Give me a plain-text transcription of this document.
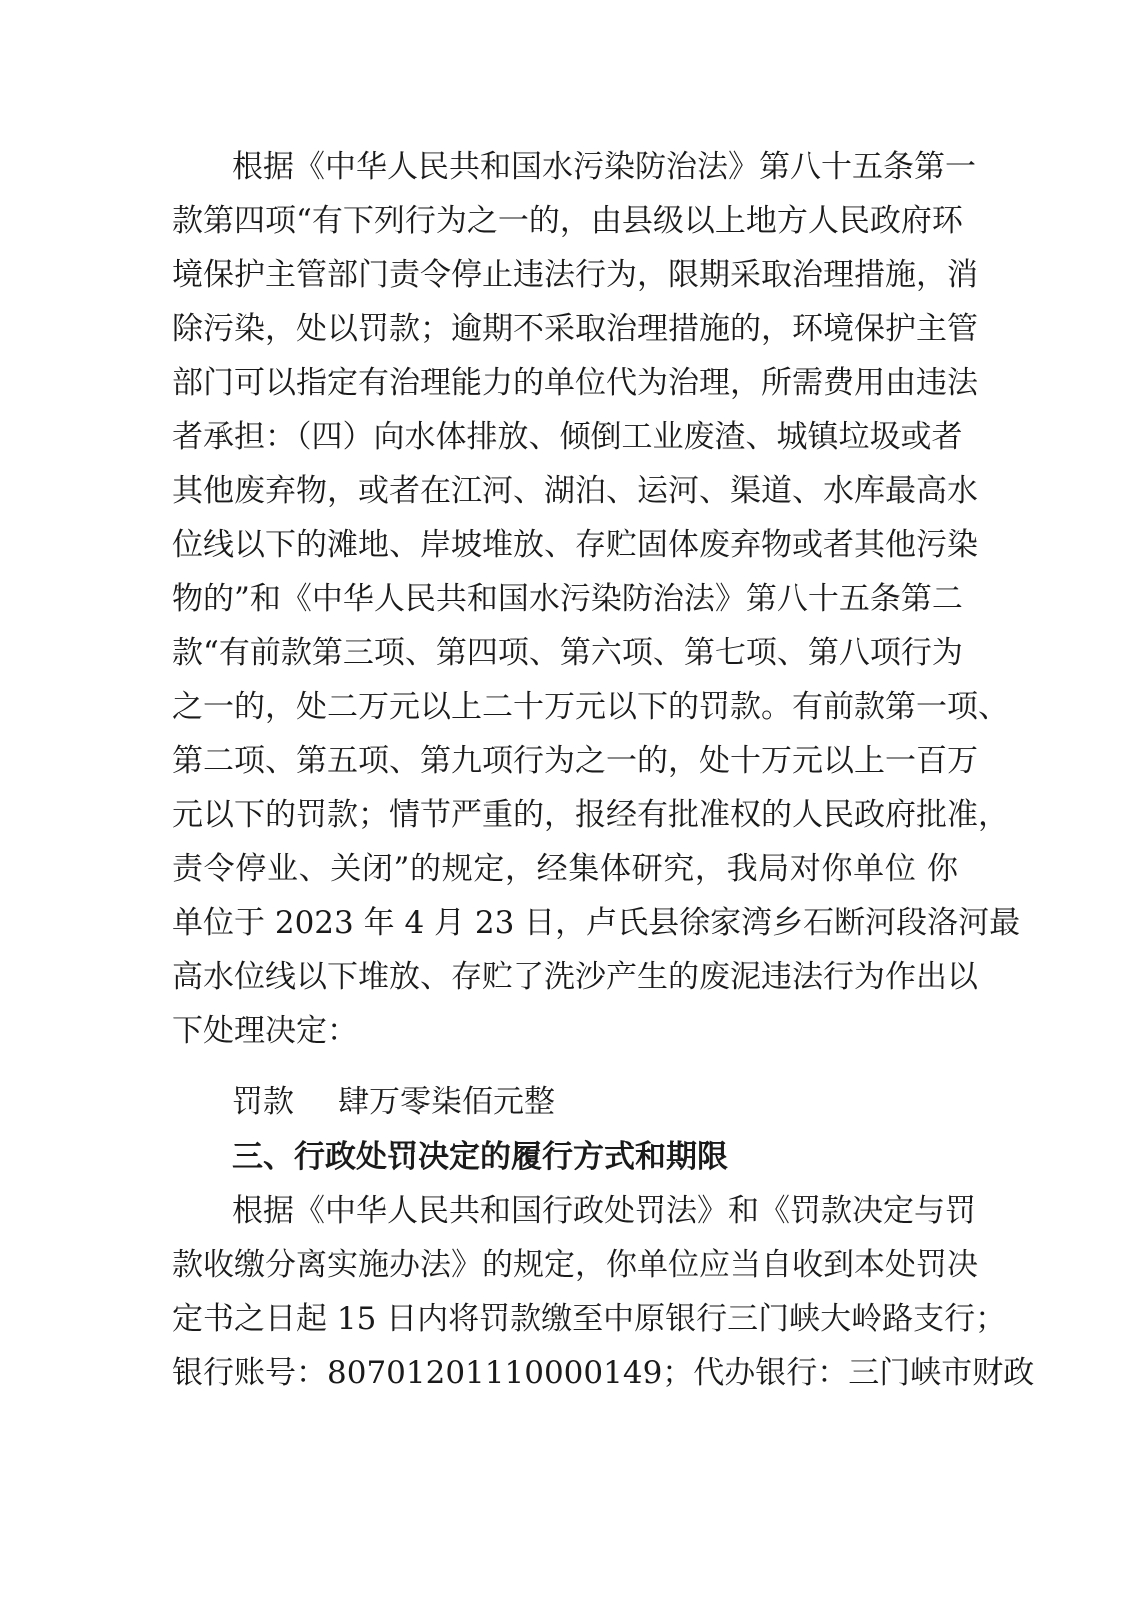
根据《中华人民共和国水污染防治法》第八十五条第一
款第四项“有下列行为之一的，由县级以上地方人民政府环
境保护主管部门责令停止违法行为，限期采取治理措施，消
除污染，处以罚款；逾期不采取治理措施的，环境保护主管
部门可以指定有治理能力的单位代为治理，所需费用由违法
者承担：（四）向水体排放、倾倒工业废渣、城镇垃圾或者
其他废弃物，或者在江河、湖泊、运河、渠道、水库最高水
位线以下的滩地、岸坡堆放、存贮固体废弃物或者其他污染
物的”和《中华人民共和国水污染防治法》第八十五条第二
款“有前款第三项、第四项、第六项、第七项、第八项行为
之一的，处二万元以上二十万元以下的罚款。有前款第一项、
第二项、第五项、第九项行为之一的，处十万元以上一百万
元以下的罚款；情节严重的，报经有批准权的人民政府批准，
责令停业、关闭”的规定，经集体研究，我局对你单位 你
单位于 2023 年 4 月 23 日，卢氏县徐家湾乡石断河段洛河最
高水位线以下堆放、存贮了洗沙产生的废泥违法行为作出以
下处理决定：
罚款 肆万零柒佰元整
三、行政处罚决定的履行方式和期限
根据《中华人民共和国行政处罚法》和《罚款决定与罚
款收缴分离实施办法》的规定，你单位应当自收到本处罚决
定书之日起 15 日内将罚款缴至中原银行三门峡大岭路支行；
银行账号：80701201110000149；代办银行：三门峡市财政
